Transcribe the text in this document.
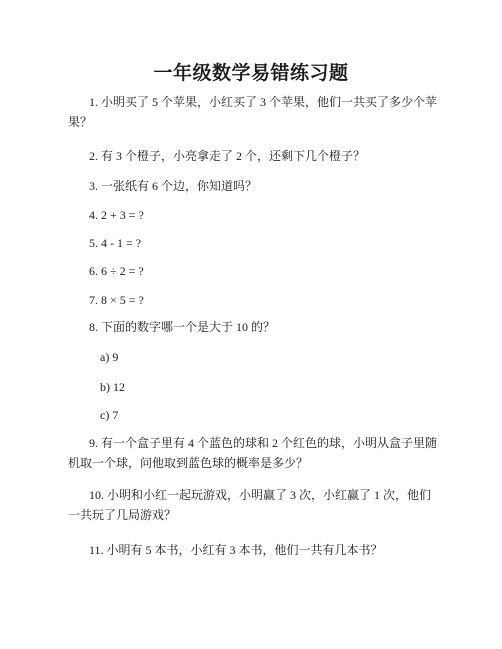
一年级数学易错练习题
1. 小明买了 5 个苹果，小红买了 3 个苹果，他们一共买了多少个苹果？
2. 有 3 个橙子，小亮拿走了 2 个，还剩下几个橙子？
3. 一张纸有 6 个边，你知道吗？
4. 2 + 3 = ?
5. 4 - 1 = ?
6. 6 ÷ 2 = ?
7. 8 × 5 = ?
8. 下面的数字哪一个是大于 10 的？
a) 9
b) 12
c) 7
9. 有一个盒子里有 4 个蓝色的球和 2 个红色的球，小明从盒子里随机取一个球，问他取到蓝色球的概率是多少？
10. 小明和小红一起玩游戏，小明赢了 3 次，小红赢了 1 次，他们一共玩了几局游戏？
11. 小明有 5 本书，小红有 3 本书，他们一共有几本书？
